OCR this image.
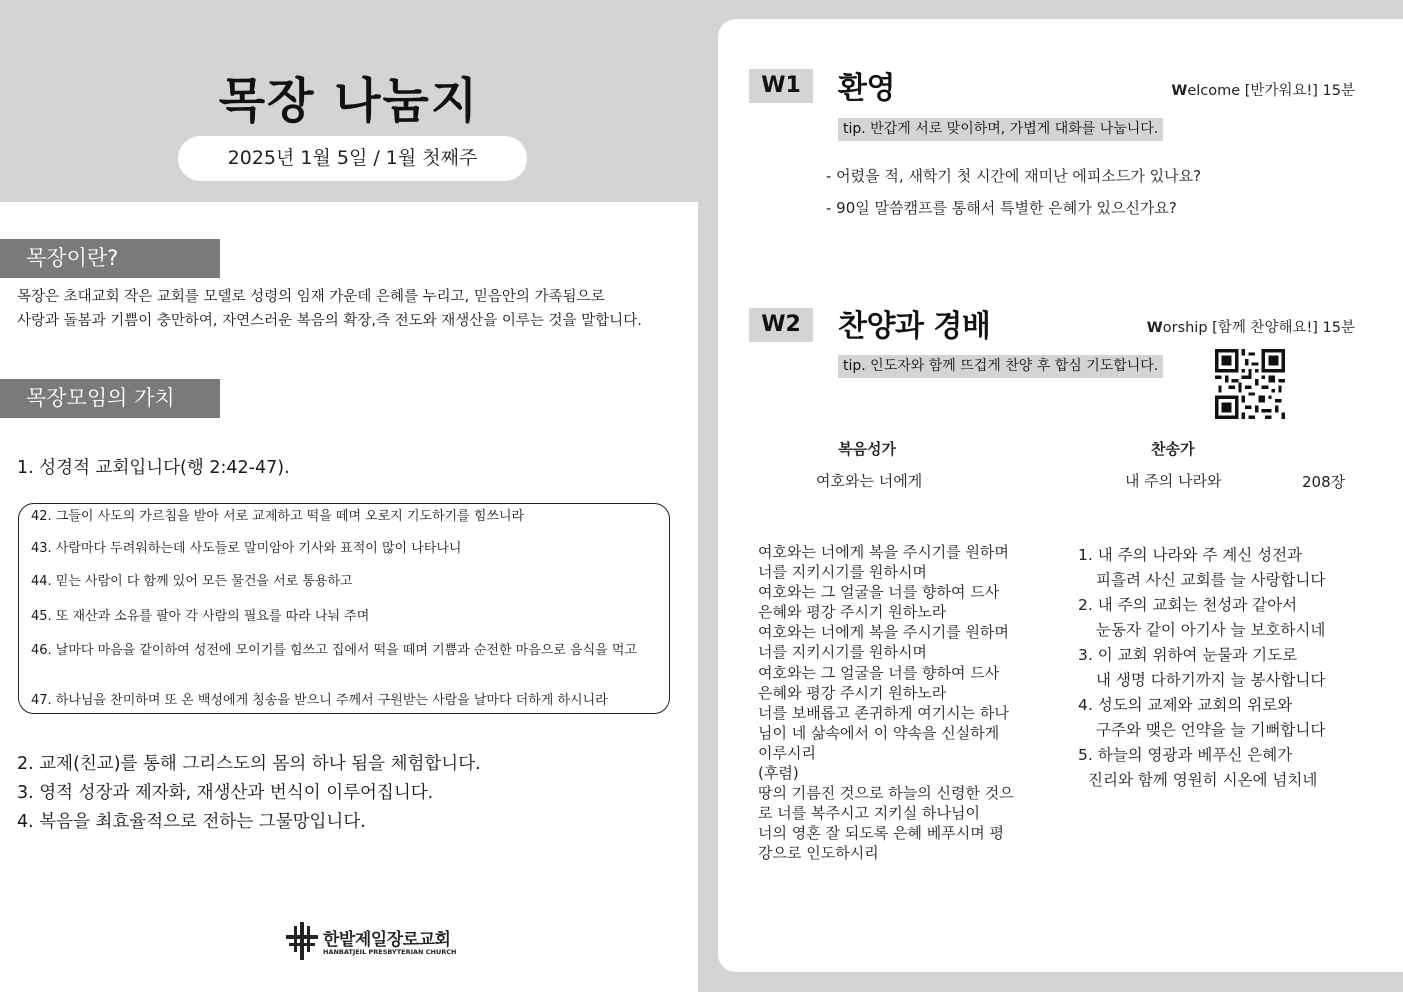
목장 나눔지
2025년 1월 5일 / 1월 첫째주
목장이란?
목장은 초대교회 작은 교회를 모델로 성령의 임재 가운데 은혜를 누리고, 믿음안의 가족됨으로
사랑과 돌봄과 기쁨이 충만하여, 자연스러운 복음의 확장,즉 전도와 재생산을 이루는 것을 말합니다.
목장모임의 가치
1. 성경적 교회입니다(행 2:42-47).
42. 그들이 사도의 가르침을 받아 서로 교제하고 떡을 떼며 오로지 기도하기를 힘쓰니라
43. 사람마다 두려워하는데 사도들로 말미암아 기사와 표적이 많이 나타나니
44. 믿는 사람이 다 함께 있어 모든 물건을 서로 통용하고
45. 또 재산과 소유를 팔아 각 사람의 필요를 따라 나눠 주며
46. 날마다 마음을 같이하여 성전에 모이기를 힘쓰고 집에서 떡을 떼며 기쁨과 순전한 마음으로 음식을 먹고
47. 하나님을 찬미하며 또 온 백성에게 칭송을 받으니 주께서 구원받는 사람을 날마다 더하게 하시니라
2. 교제(친교)를 통해 그리스도의 몸의 하나 됨을 체험합니다.
3. 영적 성장과 제자화, 재생산과 번식이 이루어집니다.
4. 복음을 최효율적으로 전하는 그물망입니다.
한밭제일장로교회
HANBATJEIL PRESBYTERIAN CHURCH
W1	환영	Welcome [반가워요!] 15분
tip. 반갑게 서로 맞이하며, 가볍게 대화를 나눕니다.
- 어렸을 적, 새학기 첫 시간에 재미난 에피소드가 있나요?
- 90일 말씀캠프를 통해서 특별한 은혜가 있으신가요?
W2	찬양과 경배	Worship [함께 찬양해요!] 15분
tip. 인도자와 함께 뜨겁게 찬양 후 합심 기도합니다.
복음성가
여호와는 너에게
찬송가
내 주의 나라와	208장
여호와는 너에게 복을 주시기를 원하며
너를 지키시기를 원하시며
여호와는 그 얼굴을 너를 향하여 드사
은혜와 평강 주시기 원하노라
여호와는 너에게 복을 주시기를 원하며
너를 지키시기를 원하시며
여호와는 그 얼굴을 너를 향하여 드사
은혜와 평강 주시기 원하노라
너를 보배롭고 존귀하게 여기시는 하나
님이 네 삶속에서 이 약속을 신실하게
이루시리
(후렴)
땅의 기름진 것으로 하늘의 신령한 것으
로 너를 복주시고 지키실 하나님이
너의 영혼 잘 되도록 은혜 베푸시며 평
강으로 인도하시리
1. 내 주의 나라와 주 계신 성전과
피흘려 사신 교회를 늘 사랑합니다
2. 내 주의 교회는 천성과 같아서
눈동자 같이 아기사 늘 보호하시네
3. 이 교회 위하여 눈물과 기도로
내 생명 다하기까지 늘 봉사합니다
4. 성도의 교제와 교회의 위로와
구주와 맺은 언약을 늘 기뻐합니다
5. 하늘의 영광과 베푸신 은혜가
진리와 함께 영원히 시온에 넘치네
